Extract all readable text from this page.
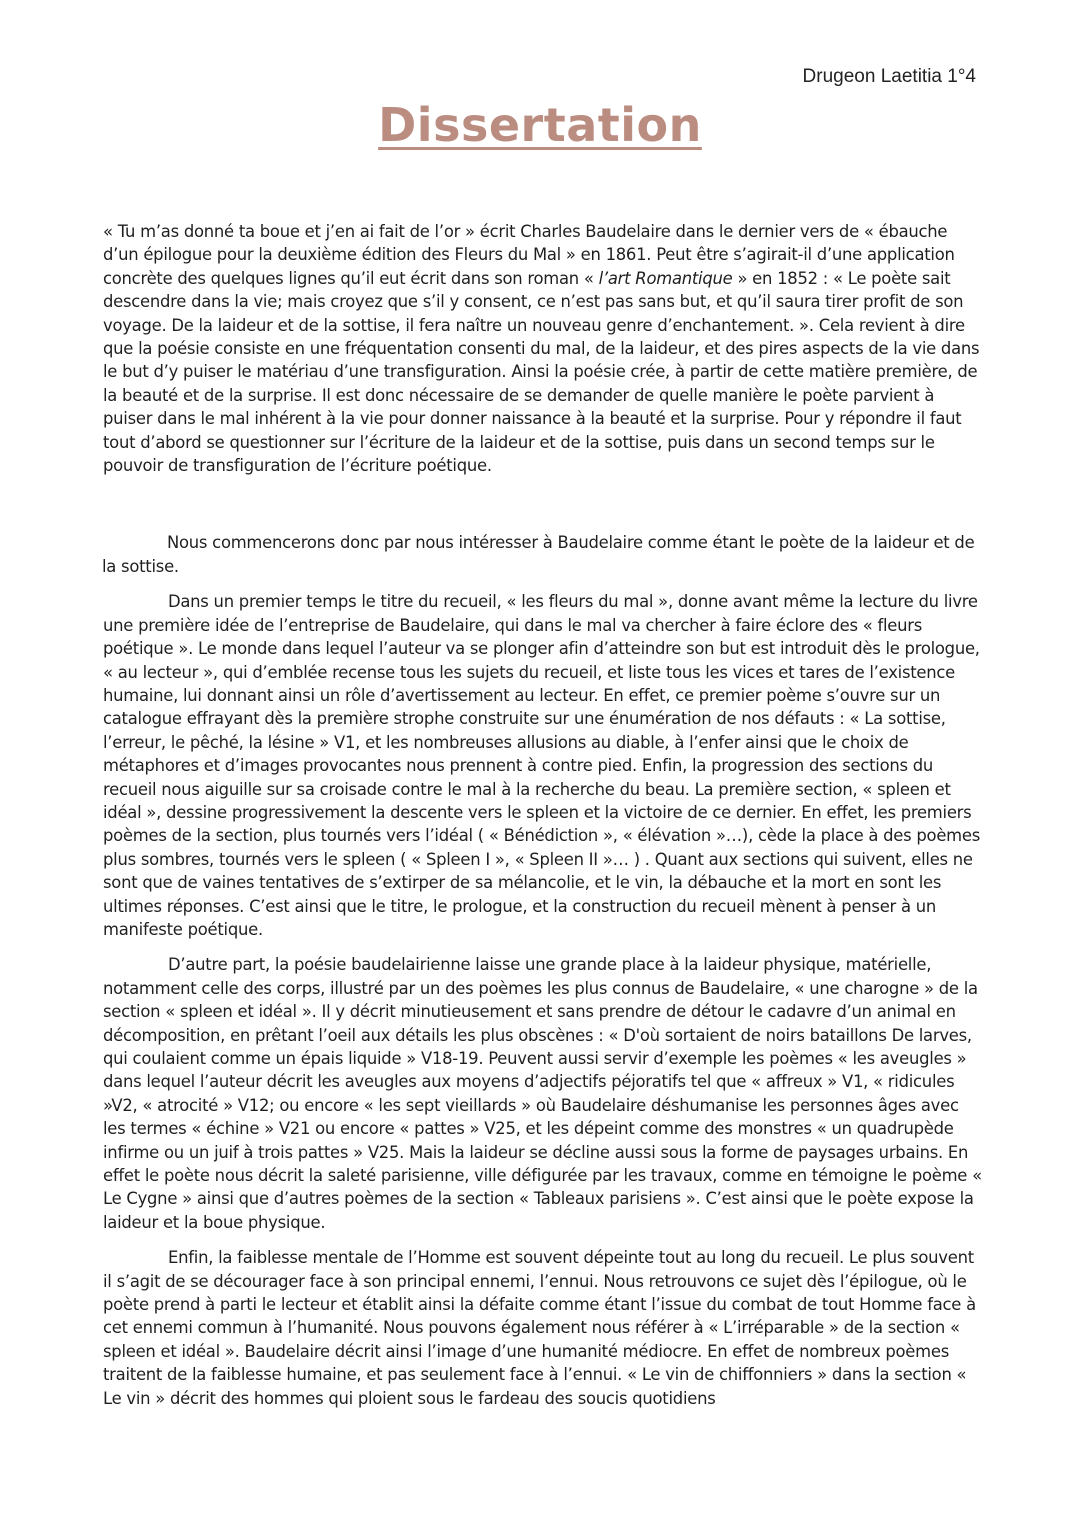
Drugeon Laetitia 1°4
Dissertation

« Tu m’as donné ta boue et j’en ai fait de l’or » écrit Charles Baudelaire dans le dernier vers de « ébauche d’un épilogue pour la deuxième édition des Fleurs du Mal » en 1861. Peut être s’agirait-il d’une application concrète des quelques lignes qu’il eut écrit dans son roman « l’art Romantique » en 1852 : « Le poète sait descendre dans la vie; mais croyez que s’il y consent, ce n’est pas sans but, et qu’il saura tirer profit de son voyage. De la laideur et de la sottise, il fera naître un nouveau genre d’enchantement. ». Cela revient à dire que la poésie consiste en une fréquentation consenti du mal, de la laideur, et des pires aspects de la vie dans le but d’y puiser le matériau d’une transfiguration. Ainsi la poésie crée, à partir de cette matière première, de la beauté et de la surprise. Il est donc nécessaire de se demander de quelle manière le poète parvient à puiser dans le mal inhérent à la vie pour donner naissance à la beauté et la surprise. Pour y répondre il faut tout d’abord se questionner sur l’écriture de la laideur et de la sottise, puis dans un second temps sur le pouvoir de transfiguration de l’écriture poétique.

Nous commencerons donc par nous intéresser à Baudelaire comme étant le poète de la laideur et de la sottise.

Dans un premier temps le titre du recueil, « les fleurs du mal », donne avant même la lecture du livre une première idée de l’entreprise de Baudelaire, qui dans le mal va chercher à faire éclore des « fleurs poétique ». Le monde dans lequel l’auteur va se plonger afin d’atteindre son but est introduit dès le prologue, « au lecteur », qui d’emblée recense tous les sujets du recueil, et liste tous les vices et tares de l’existence humaine, lui donnant ainsi un rôle d’avertissement au lecteur. En effet, ce premier poème s’ouvre sur un catalogue effrayant dès la première strophe construite sur une énumération de nos défauts : « La sottise, l’erreur, le pêché, la lésine » V1, et les nombreuses allusions au diable, à l’enfer ainsi que le choix de métaphores et d’images provocantes nous prennent à contre pied. Enfin, la progression des sections du recueil nous aiguille sur sa croisade contre le mal à la recherche du beau. La première section, « spleen et idéal », dessine progressivement la descente vers le spleen et la victoire de ce dernier. En effet, les premiers poèmes de la section, plus tournés vers l’idéal ( « Bénédiction », « élévation »…), cède la place à des poèmes plus sombres, tournés vers le spleen ( « Spleen I », « Spleen II »… ) . Quant aux sections qui suivent, elles ne sont que de vaines tentatives de s’extirper de sa mélancolie, et le vin, la débauche et la mort en sont les ultimes réponses. C’est ainsi que le titre, le prologue, et la construction du recueil mènent à penser à un manifeste poétique.

D’autre part, la poésie baudelairienne laisse une grande place à la laideur physique, matérielle, notamment celle des corps, illustré par un des poèmes les plus connus de Baudelaire, « une charogne » de la section « spleen et idéal ». Il y décrit minutieusement et sans prendre de détour le cadavre d’un animal en décomposition, en prêtant l’oeil aux détails les plus obscènes : « D'où sortaient de noirs bataillons De larves, qui coulaient comme un épais liquide » V18-19. Peuvent aussi servir d’exemple les poèmes « les aveugles » dans lequel l’auteur décrit les aveugles aux moyens d’adjectifs péjoratifs tel que « affreux » V1, « ridicules »V2, « atrocité » V12; ou encore « les sept vieillards » où Baudelaire déshumanise les personnes âges avec les termes « échine » V21 ou encore « pattes » V25, et les dépeint comme des monstres « un quadrupède infirme ou un juif à trois pattes » V25. Mais la laideur se décline aussi sous la forme de paysages urbains. En effet le poète nous décrit la saleté parisienne, ville défigurée par les travaux, comme en témoigne le poème « Le Cygne » ainsi que d’autres poèmes de la section « Tableaux parisiens ». C’est ainsi que le poète expose la laideur et la boue physique.

Enfin, la faiblesse mentale de l’Homme est souvent dépeinte tout au long du recueil. Le plus souvent il s’agit de se décourager face à son principal ennemi, l’ennui. Nous retrouvons ce sujet dès l’épilogue, où le poète prend à parti le lecteur et établit ainsi la défaite comme étant l’issue du combat de tout Homme face à cet ennemi commun à l’humanité. Nous pouvons également nous référer à « L’irréparable » de la section « spleen et idéal ». Baudelaire décrit ainsi l’image d’une humanité médiocre. En effet de nombreux poèmes traitent de la faiblesse humaine, et pas seulement face à l’ennui. « Le vin de chiffonniers » dans la section « Le vin » décrit des hommes qui ploient sous le fardeau des soucis quotidiens
